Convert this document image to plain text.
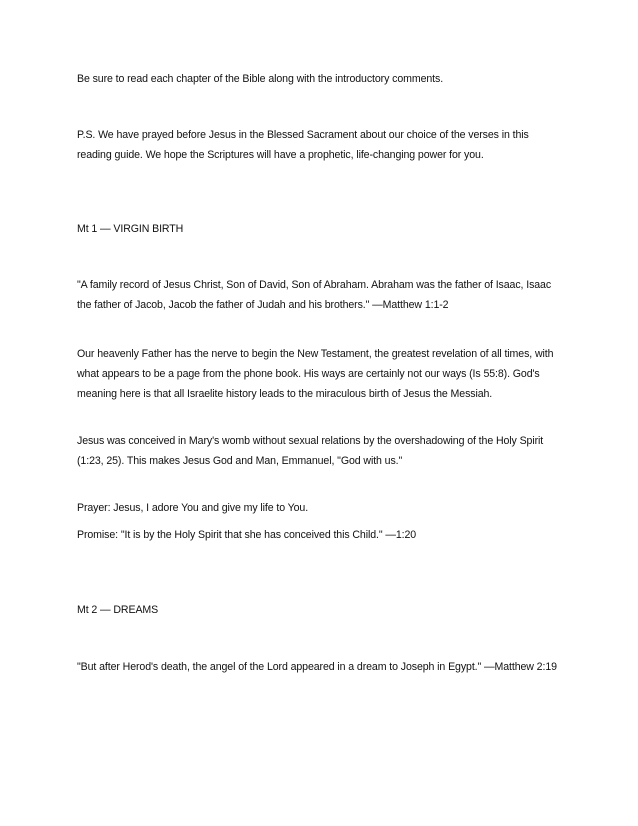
Be sure to read each chapter of the Bible along with the introductory comments.

P.S. We have prayed before Jesus in the Blessed Sacrament about our choice of the verses in this reading guide. We hope the Scriptures will have a prophetic, life-changing power for you.

Mt 1 — VIRGIN BIRTH

"A family record of Jesus Christ, Son of David, Son of Abraham. Abraham was the father of Isaac, Isaac the father of Jacob, Jacob the father of Judah and his brothers." —Matthew 1:1-2

Our heavenly Father has the nerve to begin the New Testament, the greatest revelation of all times, with what appears to be a page from the phone book. His ways are certainly not our ways (Is 55:8). God's meaning here is that all Israelite history leads to the miraculous birth of Jesus the Messiah.

Jesus was conceived in Mary's womb without sexual relations by the overshadowing of the Holy Spirit (1:23, 25). This makes Jesus God and Man, Emmanuel, "God with us."

Prayer: Jesus, I adore You and give my life to You.

Promise: "It is by the Holy Spirit that she has conceived this Child." —1:20

Mt 2 — DREAMS

"But after Herod's death, the angel of the Lord appeared in a dream to Joseph in Egypt." —Matthew 2:19
